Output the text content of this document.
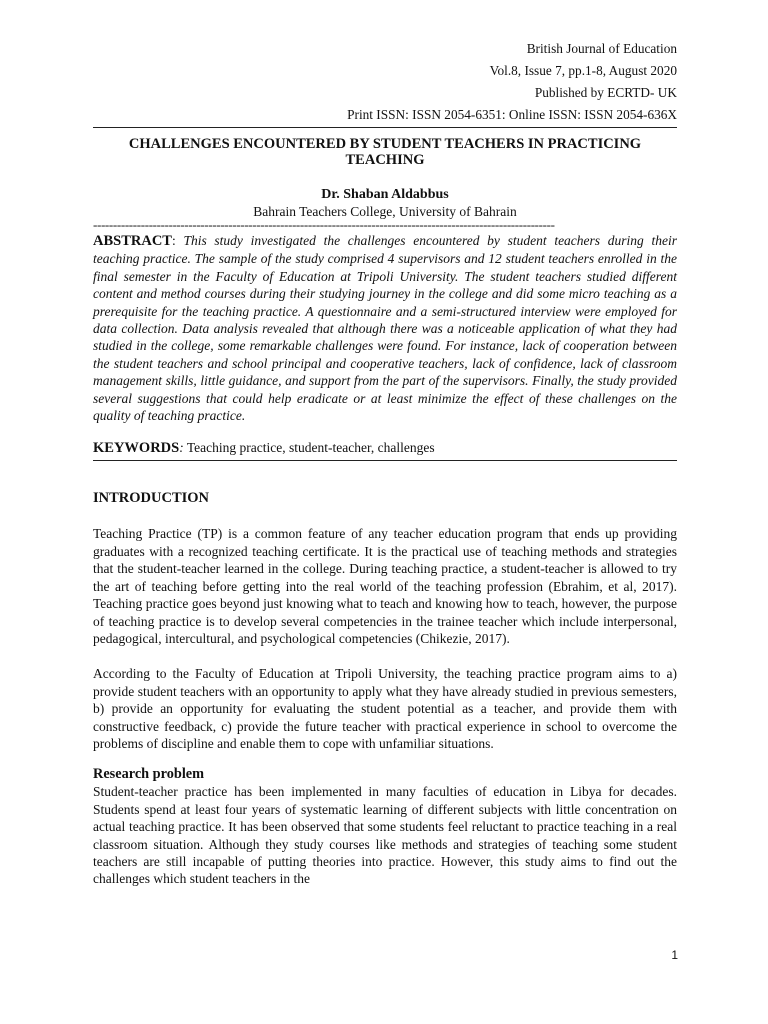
British Journal of Education
Vol.8, Issue 7, pp.1-8, August 2020
Published by ECRTD- UK
Print ISSN: ISSN 2054-6351: Online ISSN: ISSN 2054-636X
CHALLENGES ENCOUNTERED BY STUDENT TEACHERS IN PRACTICING TEACHING
Dr. Shaban Aldabbus
Bahrain Teachers College, University of Bahrain
--------------------------------------------------------------------------------------------------------------------
ABSTRACT: This study investigated the challenges encountered by student teachers during their teaching practice. The sample of the study comprised 4 supervisors and 12 student teachers enrolled in the final semester in the Faculty of Education at Tripoli University. The student teachers studied different content and method courses during their studying journey in the college and did some micro teaching as a prerequisite for the teaching practice. A questionnaire and a semi-structured interview were employed for data collection. Data analysis revealed that although there was a noticeable application of what they had studied in the college, some remarkable challenges were found. For instance, lack of cooperation between the student teachers and school principal and cooperative teachers, lack of confidence, lack of classroom management skills, little guidance, and support from the part of the supervisors. Finally, the study provided several suggestions that could help eradicate or at least minimize the effect of these challenges on the quality of teaching practice.
KEYWORDS: Teaching practice, student-teacher, challenges
INTRODUCTION

Teaching Practice (TP) is a common feature of any teacher education program that ends up providing graduates with a recognized teaching certificate. It is the practical use of teaching methods and strategies that the student-teacher learned in the college. During teaching practice, a student-teacher is allowed to try the art of teaching before getting into the real world of the teaching profession (Ebrahim, et al, 2017). Teaching practice goes beyond just knowing what to teach and knowing how to teach, however, the purpose of teaching practice is to develop several competencies in the trainee teacher which include interpersonal, pedagogical, intercultural, and psychological competencies (Chikezie, 2017).

According to the Faculty of Education at Tripoli University, the teaching practice program aims to a) provide student teachers with an opportunity to apply what they have already studied in previous semesters, b) provide an opportunity for evaluating the student potential as a teacher, and provide them with constructive feedback, c) provide the future teacher with practical experience in school to overcome the problems of discipline and enable them to cope with unfamiliar situations.

Research problem

Student-teacher practice has been implemented in many faculties of education in Libya for decades. Students spend at least four years of systematic learning of different subjects with little concentration on actual teaching practice. It has been observed that some students feel reluctant to practice teaching in a real classroom situation. Although they study courses like methods and strategies of teaching some student teachers are still incapable of putting theories into practice. However, this study aims to find out the challenges which student teachers in the

1
